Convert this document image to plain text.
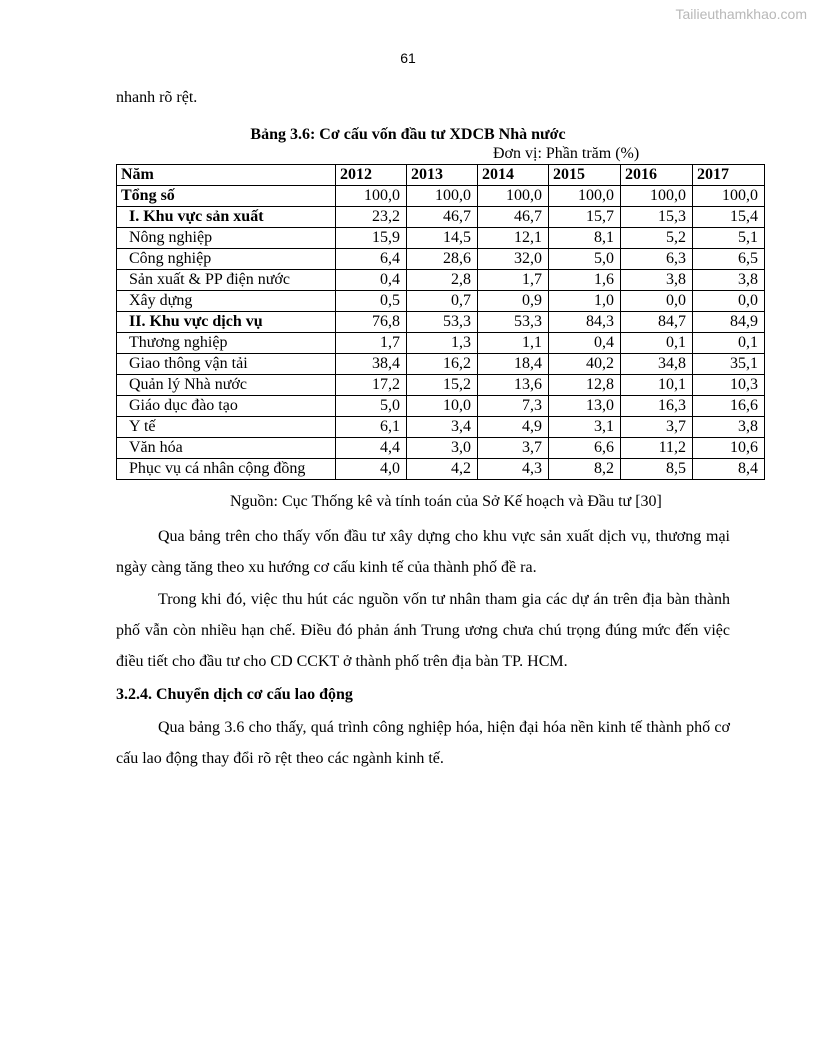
Tailieuthamkhao.com
61
nhanh rõ rệt.
Bảng 3.6: Cơ cấu vốn đầu tư XDCB Nhà nước
Đơn vị: Phần trăm (%)
Năm	2012	2013	2014	2015	2016	2017
Tổng số	100,0	100,0	100,0	100,0	100,0	100,0
I. Khu vực sản xuất	23,2	46,7	46,7	15,7	15,3	15,4
Nông nghiệp	15,9	14,5	12,1	8,1	5,2	5,1
Công nghiệp	6,4	28,6	32,0	5,0	6,3	6,5
Sản xuất & PP điện nước	0,4	2,8	1,7	1,6	3,8	3,8
Xây dựng	0,5	0,7	0,9	1,0	0,0	0,0
II. Khu vực dịch vụ	76,8	53,3	53,3	84,3	84,7	84,9
Thương nghiệp	1,7	1,3	1,1	0,4	0,1	0,1
Giao thông vận tải	38,4	16,2	18,4	40,2	34,8	35,1
Quản lý Nhà nước	17,2	15,2	13,6	12,8	10,1	10,3
Giáo dục đào tạo	5,0	10,0	7,3	13,0	16,3	16,6
Y tế	6,1	3,4	4,9	3,1	3,7	3,8
Văn hóa	4,4	3,0	3,7	6,6	11,2	10,6
Phục vụ cá nhân cộng đồng	4,0	4,2	4,3	8,2	8,5	8,4
Nguồn: Cục Thống kê và tính toán của Sở Kế hoạch và Đầu tư [30]
Qua bảng trên cho thấy vốn đầu tư xây dựng cho khu vực sản xuất dịch vụ, thương mại ngày càng tăng theo xu hướng cơ cấu kinh tế của thành phố đề ra.
Trong khi đó, việc thu hút các nguồn vốn tư nhân tham gia các dự án trên địa bàn thành phố vẫn còn nhiều hạn chế. Điều đó phản ánh Trung ương chưa chú trọng đúng mức đến việc điều tiết cho đầu tư cho CD CCKT ở thành phố trên địa bàn TP. HCM.
3.2.4. Chuyển dịch cơ cấu lao động
Qua bảng 3.6 cho thấy, quá trình công nghiệp hóa, hiện đại hóa nền kinh tế thành phố cơ cấu lao động thay đổi rõ rệt theo các ngành kinh tế.
